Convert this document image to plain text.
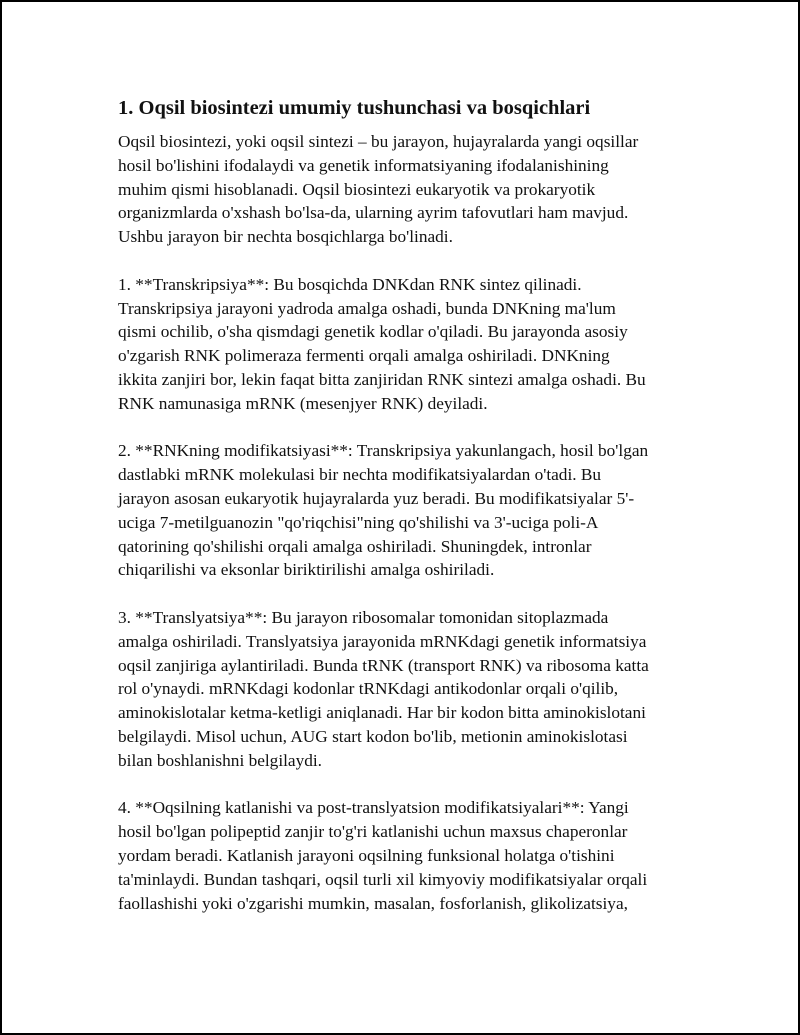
1. Oqsil biosintezi umumiy tushunchasi va bosqichlari
Oqsil biosintezi, yoki oqsil sintezi – bu jarayon, hujayralarda yangi oqsillar
hosil bo'lishini ifodalaydi va genetik informatsiyaning ifodalanishining
muhim qismi hisoblanadi. Oqsil biosintezi eukaryotik va prokaryotik
organizmlarda o'xshash bo'lsa-da, ularning ayrim tafovutlari ham mavjud.
Ushbu jarayon bir nechta bosqichlarga bo'linadi.
1. **Transkripsiya**: Bu bosqichda DNKdan RNK sintez qilinadi.
Transkripsiya jarayoni yadroda amalga oshadi, bunda DNKning ma'lum
qismi ochilib, o'sha qismdagi genetik kodlar o'qiladi. Bu jarayonda asosiy
o'zgarish RNK polimeraza fermenti orqali amalga oshiriladi. DNKning
ikkita zanjiri bor, lekin faqat bitta zanjiridan RNK sintezi amalga oshadi. Bu
RNK namunasiga mRNK (mesenjyer RNK) deyiladi.
2. **RNKning modifikatsiyasi**: Transkripsiya yakunlangach, hosil bo'lgan
dastlabki mRNK molekulasi bir nechta modifikatsiyalardan o'tadi. Bu
jarayon asosan eukaryotik hujayralarda yuz beradi. Bu modifikatsiyalar 5'-
uciga 7-metilguanozin "qo'riqchisi"ning qo'shilishi va 3'-uciga poli-A
qatorining qo'shilishi orqali amalga oshiriladi. Shuningdek, intronlar
chiqarilishi va eksonlar biriktirilishi amalga oshiriladi.
3. **Translyatsiya**: Bu jarayon ribosomalar tomonidan sitoplazmada
amalga oshiriladi. Translyatsiya jarayonida mRNKdagi genetik informatsiya
oqsil zanjiriga aylantiriladi. Bunda tRNK (transport RNK) va ribosoma katta
rol o'ynaydi. mRNKdagi kodonlar tRNKdagi antikodonlar orqali o'qilib,
aminokislotalar ketma-ketligi aniqlanadi. Har bir kodon bitta aminokislotani
belgilaydi. Misol uchun, AUG start kodon bo'lib, metionin aminokislotasi
bilan boshlanishni belgilaydi.
4. **Oqsilning katlanishi va post-translyatsion modifikatsiyalari**: Yangi
hosil bo'lgan polipeptid zanjir to'g'ri katlanishi uchun maxsus chaperonlar
yordam beradi. Katlanish jarayoni oqsilning funksional holatga o'tishini
ta'minlaydi. Bundan tashqari, oqsil turli xil kimyoviy modifikatsiyalar orqali
faollashishi yoki o'zgarishi mumkin, masalan, fosforlanish, glikolizatsiya,
